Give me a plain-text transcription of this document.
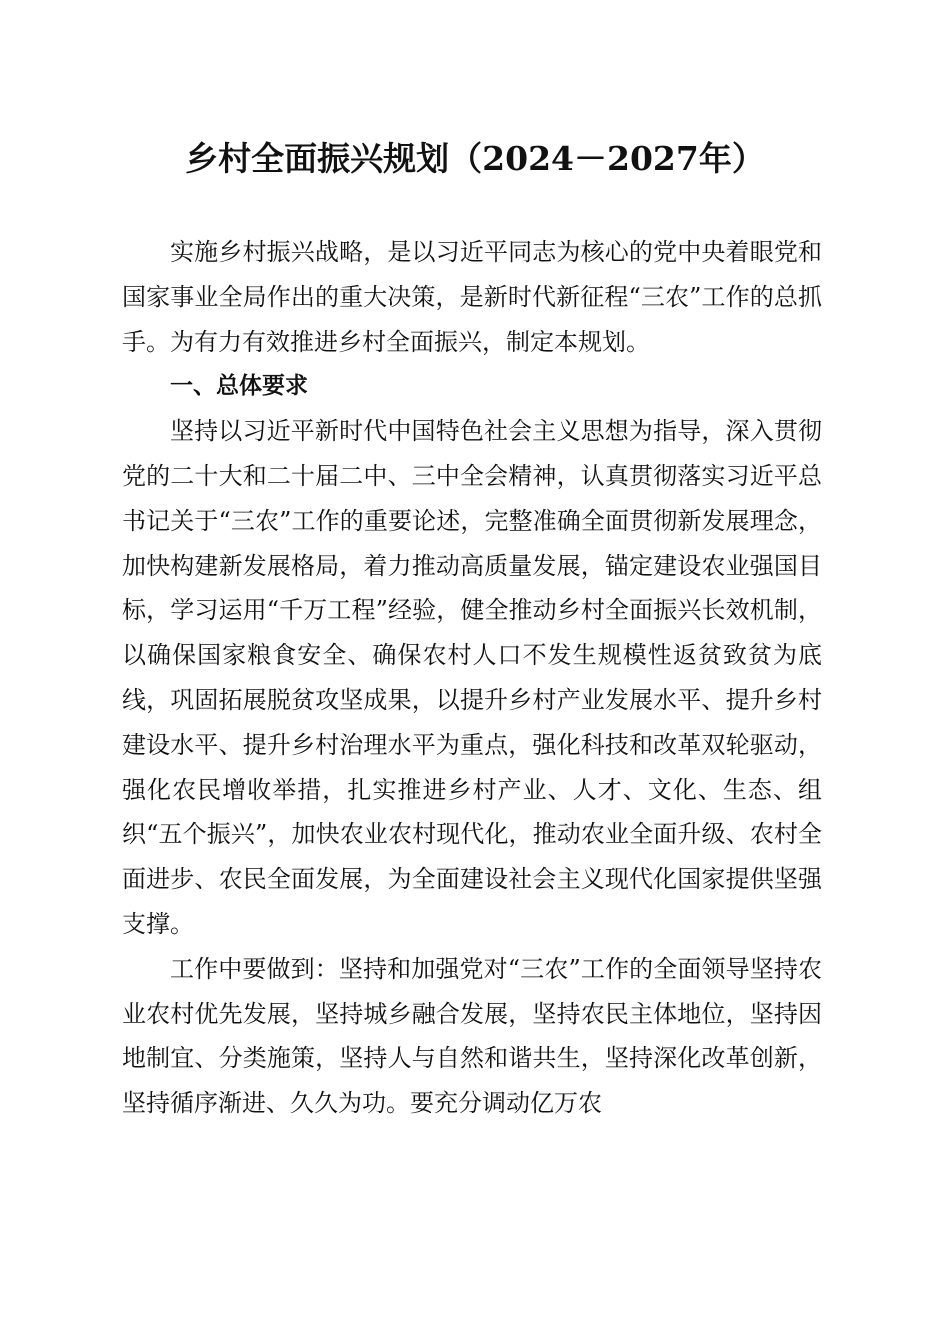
乡村全面振兴规划（2024－2027年）

实施乡村振兴战略，是以习近平同志为核心的党中央着眼党和国家事业全局作出的重大决策，是新时代新征程“三农”工作的总抓手。为有力有效推进乡村全面振兴，制定本规划。

一、总体要求

坚持以习近平新时代中国特色社会主义思想为指导，深入贯彻党的二十大和二十届二中、三中全会精神，认真贯彻落实习近平总书记关于“三农”工作的重要论述，完整准确全面贯彻新发展理念，加快构建新发展格局，着力推动高质量发展，锚定建设农业强国目标，学习运用“千万工程”经验，健全推动乡村全面振兴长效机制，以确保国家粮食安全、确保农村人口不发生规模性返贫致贫为底线，巩固拓展脱贫攻坚成果，以提升乡村产业发展水平、提升乡村建设水平、提升乡村治理水平为重点，强化科技和改革双轮驱动，强化农民增收举措，扎实推进乡村产业、人才、文化、生态、组织“五个振兴”，加快农业农村现代化，推动农业全面升级、农村全面进步、农民全面发展，为全面建设社会主义现代化国家提供坚强支撑。

工作中要做到：坚持和加强党对“三农”工作的全面领导坚持农业农村优先发展，坚持城乡融合发展，坚持农民主体地位，坚持因地制宜、分类施策，坚持人与自然和谐共生，坚持深化改革创新，坚持循序渐进、久久为功。要充分调动亿万农
